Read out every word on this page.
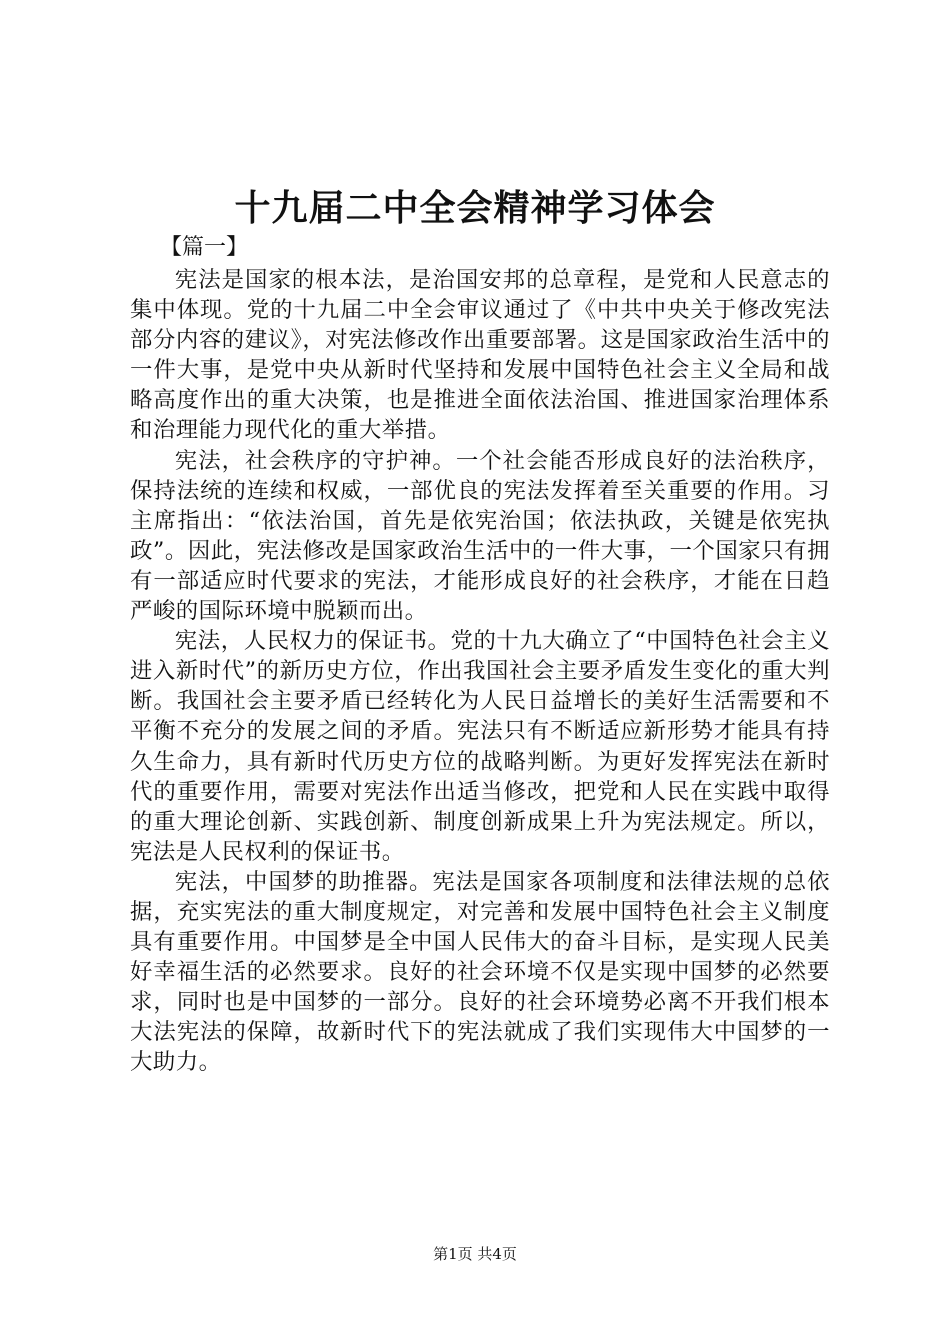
十九届二中全会精神学习体会
【篇一】

宪法是国家的根本法，是治国安邦的总章程，是党和人民意志的集中体现。党的十九届二中全会审议通过了《中共中央关于修改宪法部分内容的建议》，对宪法修改作出重要部署。这是国家政治生活中的一件大事，是党中央从新时代坚持和发展中国特色社会主义全局和战略高度作出的重大决策，也是推进全面依法治国、推进国家治理体系和治理能力现代化的重大举措。

宪法，社会秩序的守护神。一个社会能否形成良好的法治秩序，保持法统的连续和权威，一部优良的宪法发挥着至关重要的作用。习主席指出：“依法治国，首先是依宪治国；依法执政，关键是依宪执政”。因此，宪法修改是国家政治生活中的一件大事，一个国家只有拥有一部适应时代要求的宪法，才能形成良好的社会秩序，才能在日趋严峻的国际环境中脱颖而出。

宪法，人民权力的保证书。党的十九大确立了“中国特色社会主义进入新时代”的新历史方位，作出我国社会主要矛盾发生变化的重大判断。我国社会主要矛盾已经转化为人民日益增长的美好生活需要和不平衡不充分的发展之间的矛盾。宪法只有不断适应新形势才能具有持久生命力，具有新时代历史方位的战略判断。为更好发挥宪法在新时代的重要作用，需要对宪法作出适当修改，把党和人民在实践中取得的重大理论创新、实践创新、制度创新成果上升为宪法规定。所以，宪法是人民权利的保证书。

宪法，中国梦的助推器。宪法是国家各项制度和法律法规的总依据，充实宪法的重大制度规定，对完善和发展中国特色社会主义制度具有重要作用。中国梦是全中国人民伟大的奋斗目标，是实现人民美好幸福生活的必然要求。良好的社会环境不仅是实现中国梦的必然要求，同时也是中国梦的一部分。良好的社会环境势必离不开我们根本大法宪法的保障，故新时代下的宪法就成了我们实现伟大中国梦的一大助力。

第1页 共4页
